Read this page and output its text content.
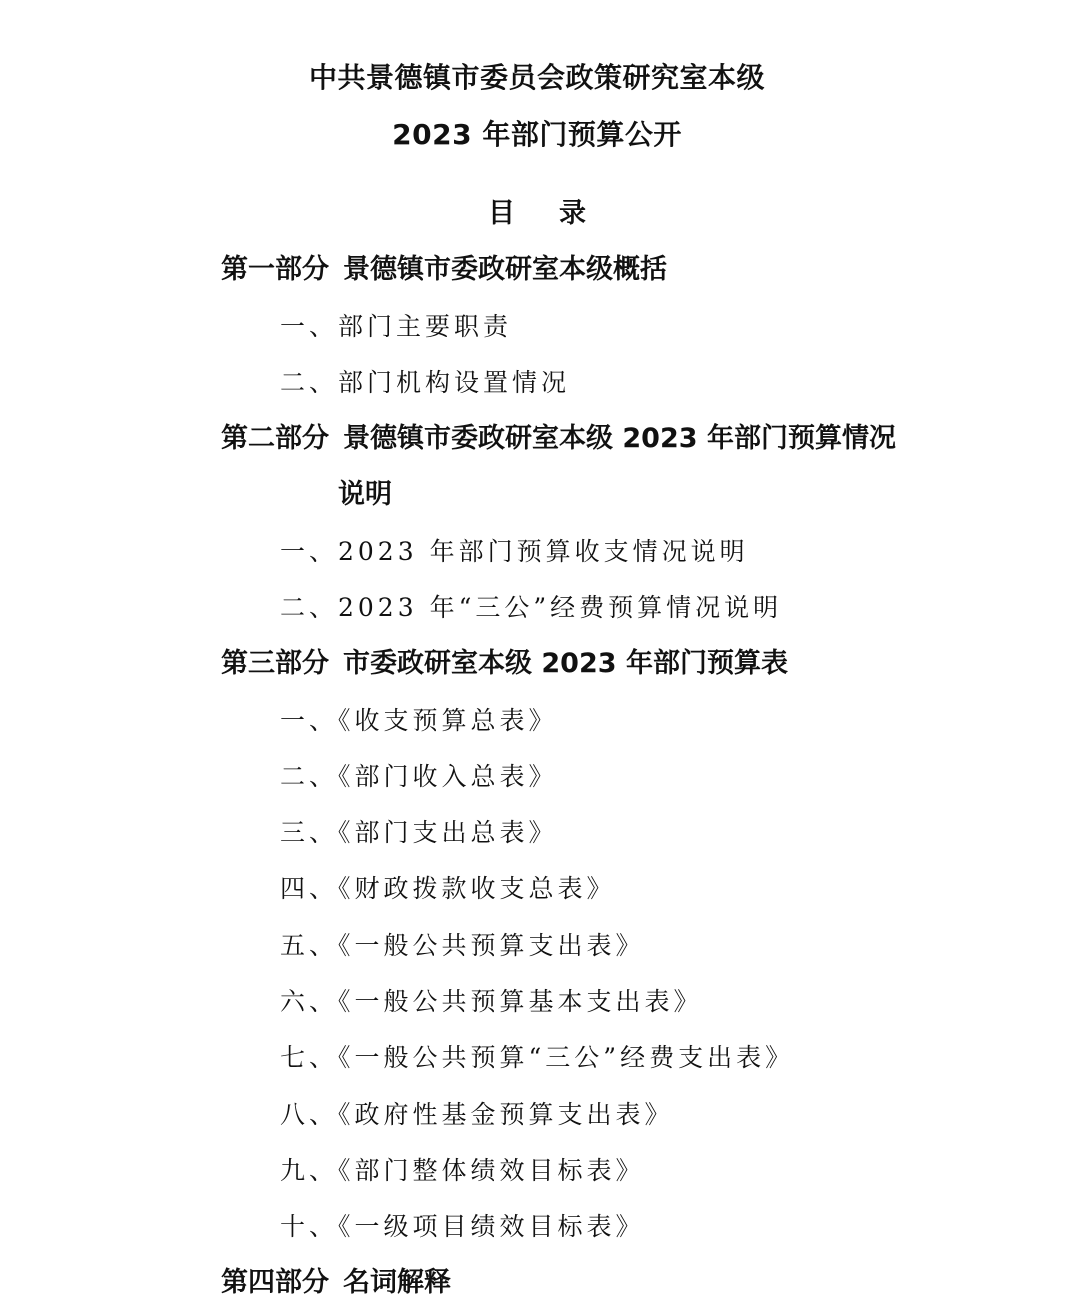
中共景德镇市委员会政策研究室本级
2023 年部门预算公开
目 录
第一部分 景德镇市委政研室本级概括
一、部门主要职责
二、部门机构设置情况
第二部分 景德镇市委政研室本级 2023 年部门预算情况
说明
一、2023 年部门预算收支情况说明
二、2023 年“三公”经费预算情况说明
第三部分 市委政研室本级 2023 年部门预算表
一、《收支预算总表》
二、《部门收入总表》
三、《部门支出总表》
四、《财政拨款收支总表》
五、《一般公共预算支出表》
六、《一般公共预算基本支出表》
七、《一般公共预算“三公”经费支出表》
八、《政府性基金预算支出表》
九、《部门整体绩效目标表》
十、《一级项目绩效目标表》
第四部分 名词解释
